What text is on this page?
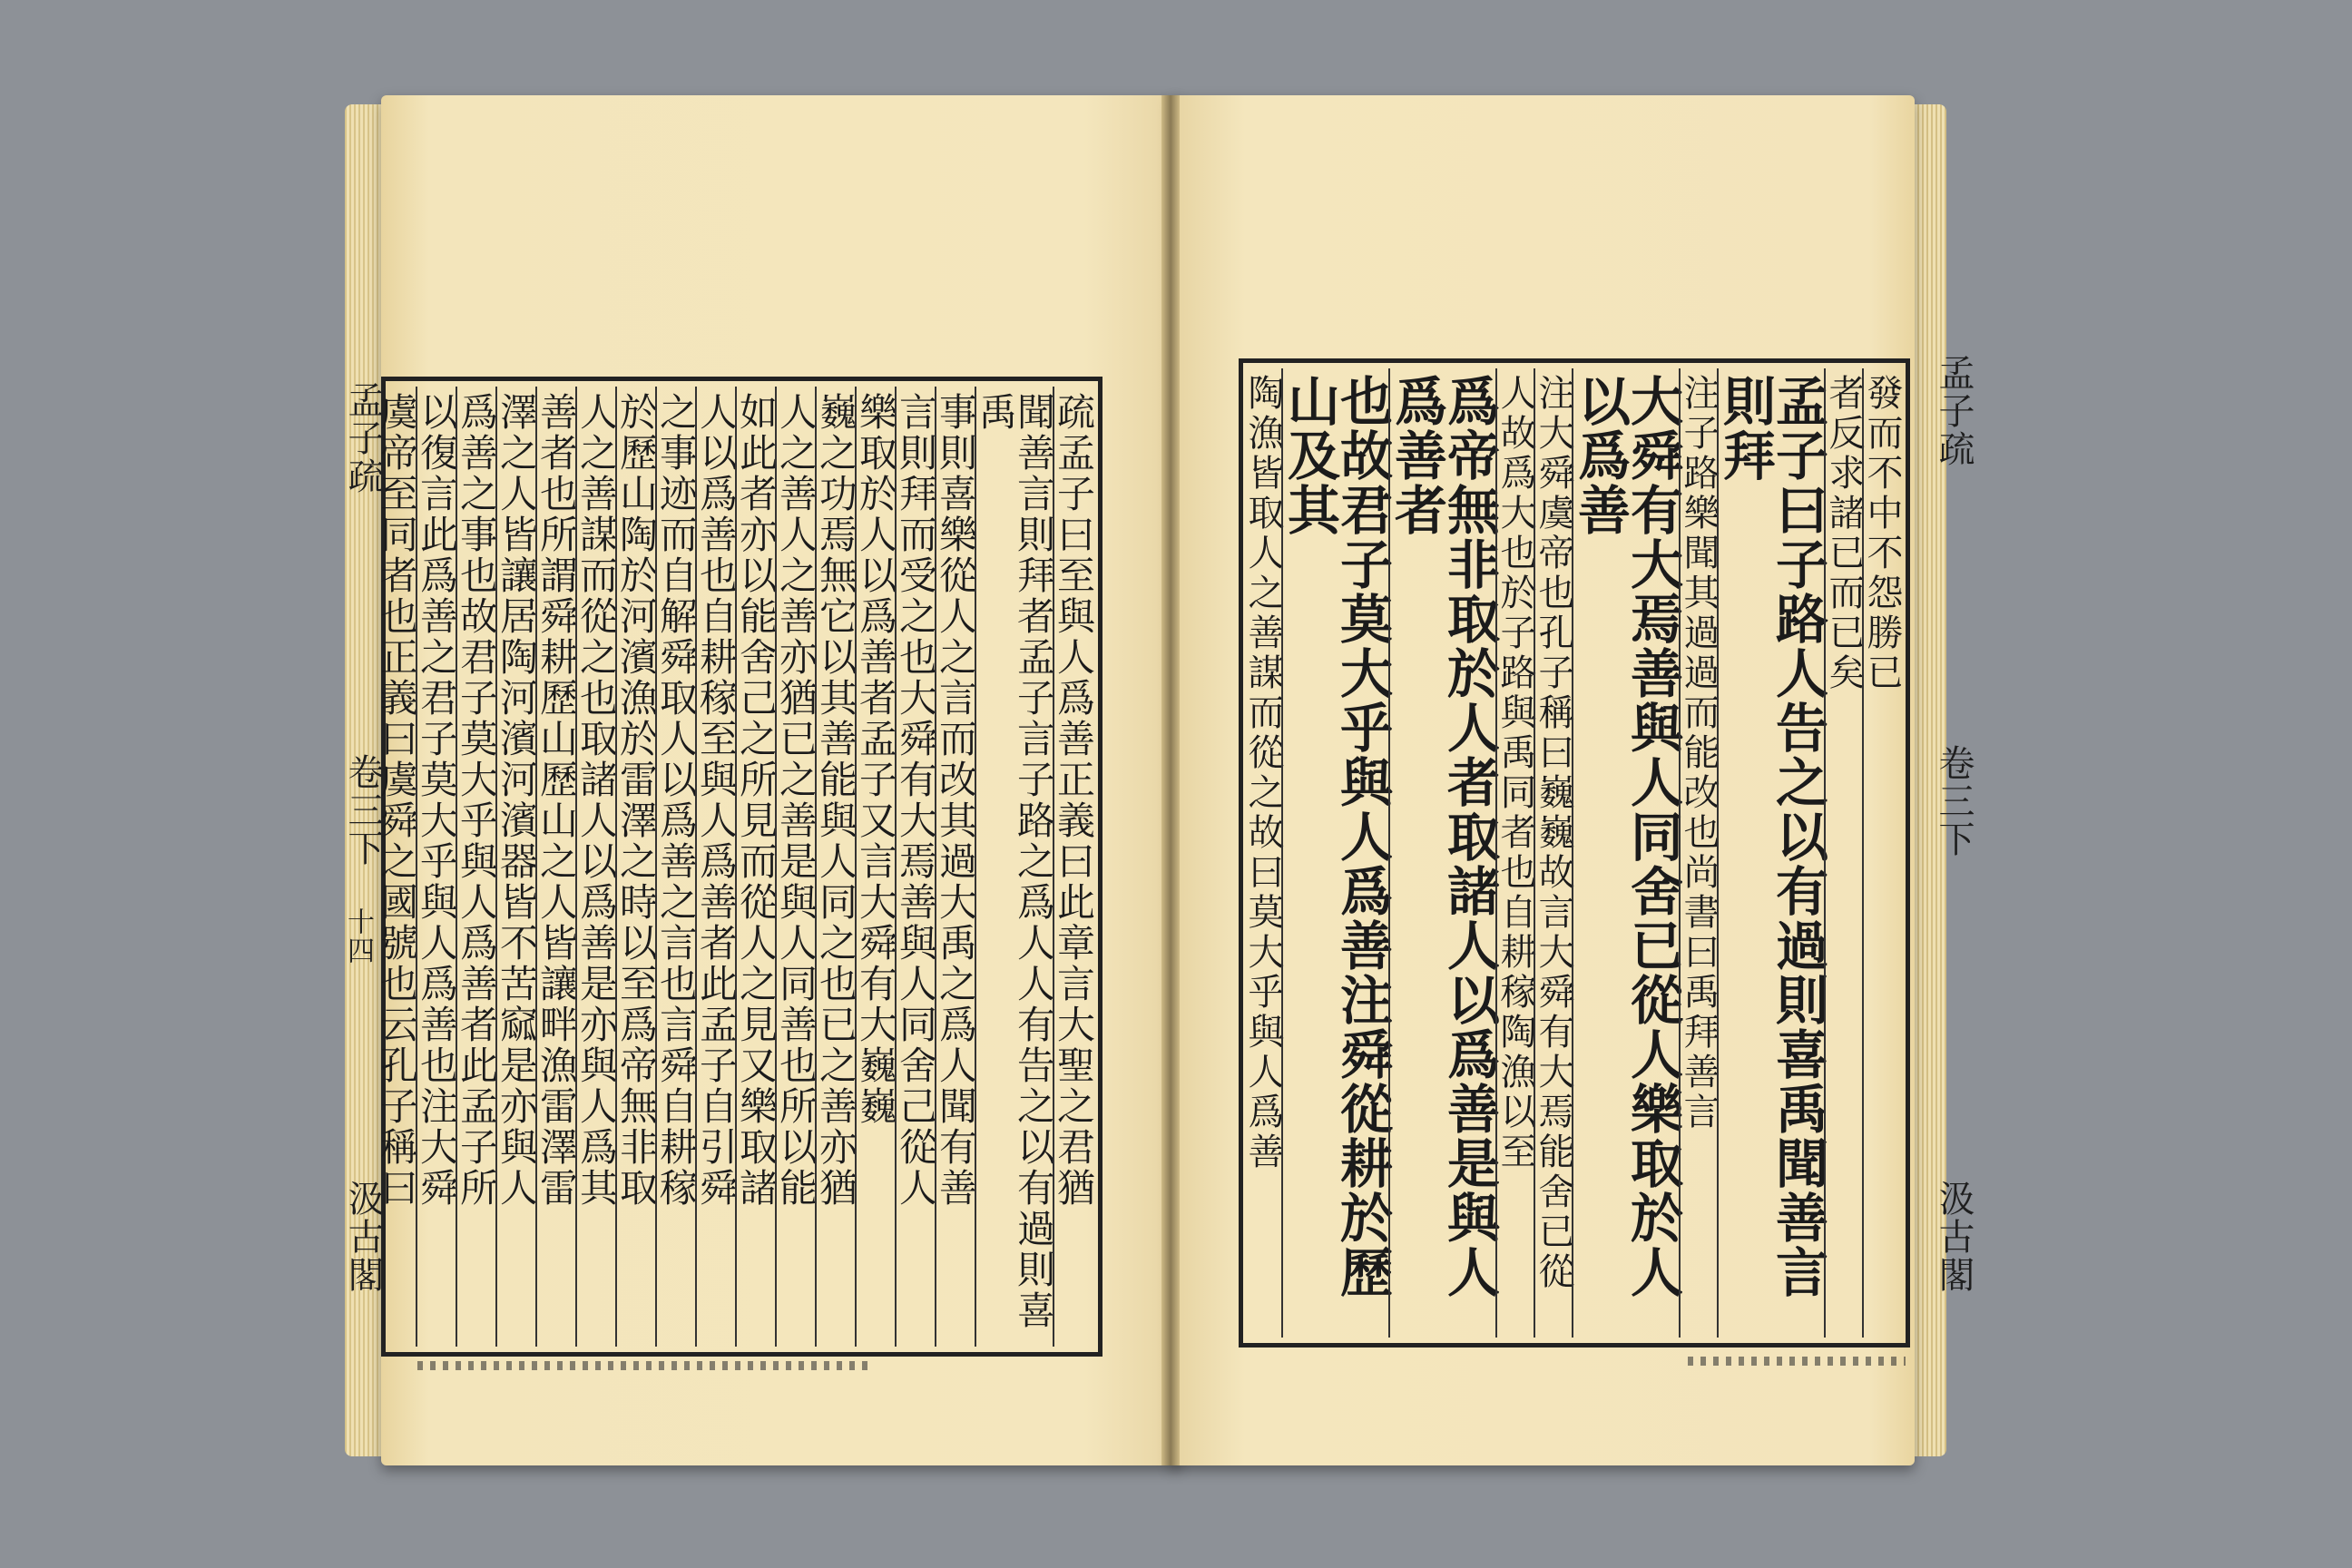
孟子疏
卷三下
十四
汲古閣
疏孟子曰至與人爲善正義曰此章言大聖之君猶
聞善言則拜者孟子言子路之爲人人有告之以有過則喜禹
事則喜樂從人之言而改其過大禹之爲人聞有善
言則拜而受之也大舜有大焉善與人同舍己從人
樂取於人以爲善者孟子又言大舜有大巍巍
巍之功焉無它以其善能與人同之也已之善亦猶
人之善人之善亦猶已之善是與人同善也所以能
如此者亦以能舍己之所見而從人之見又樂取諸
人以爲善也自耕稼至與人爲善者此孟子自引舜
之事迹而自解舜取人以爲善之言也言舜自耕稼
於歷山陶於河濱漁於雷澤之時以至爲帝無非取
人之善謀而從之也取諸人以爲善是亦與人爲其
善者也所謂舜耕歷山歷山之人皆讓畔漁雷澤雷
澤之人皆讓居陶河濱河濱器皆不苦窳是亦與人
爲善之事也故君子莫大乎與人爲善者此孟子所
以復言此爲善之君子莫大乎與人爲善也注大舜
虞帝至同者也正義曰虞舜之國號也云孔子稱曰	孟子疏
卷三下
汲古閣
發而不中不怨勝已
者反求諸已而已矣
孟子曰子路人告之以有過則喜禹聞善言則拜
注子路樂聞其過過而能改也尚書曰禹拜善言
大舜有大焉善與人同舍已從人樂取於人以爲善
注大舜虞帝也孔子稱曰巍巍故言大舜有大焉能舍已從
人故爲大也於子路與禹同者也自耕稼陶漁以至
爲帝無非取於人者取諸人以爲善是與人爲善者
也故君子莫大乎與人爲善注舜從耕於歷山及其
陶漁皆取人之善謀而從之故曰莫大乎與人爲善
